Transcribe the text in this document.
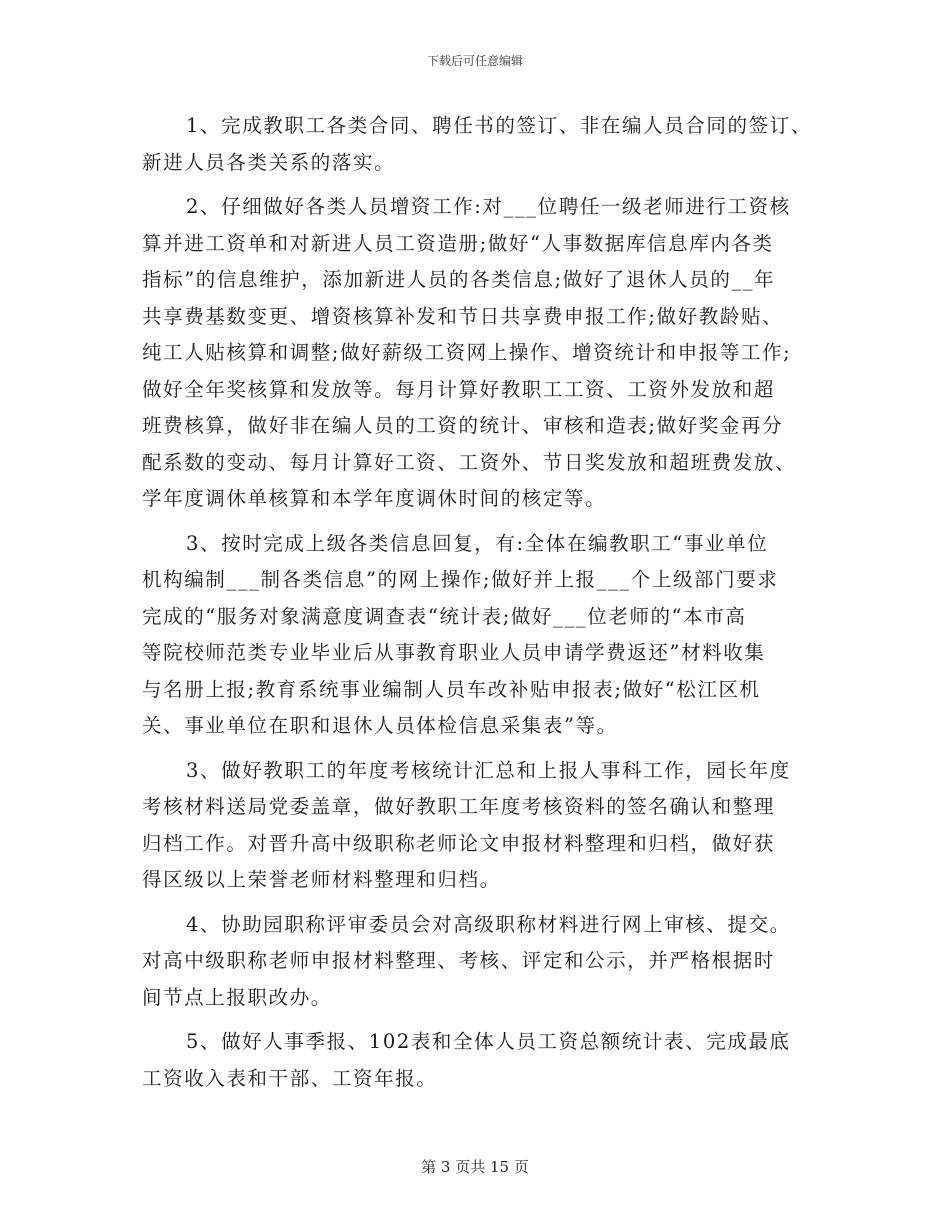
下载后可任意编辑
1、完成教职工各类合同、聘任书的签订、非在编人员合同的签订、
新进人员各类关系的落实。
2、仔细做好各类人员增资工作:对___位聘任一级老师进行工资核
算并进工资单和对新进人员工资造册;做好“人事数据库信息库内各类
指标”的信息维护，添加新进人员的各类信息;做好了退休人员的__年
共享费基数变更、增资核算补发和节日共享费申报工作;做好教龄贴、
纯工人贴核算和调整;做好薪级工资网上操作、增资统计和申报等工作;
做好全年奖核算和发放等。每月计算好教职工工资、工资外发放和超
班费核算，做好非在编人员的工资的统计、审核和造表;做好奖金再分
配系数的变动、每月计算好工资、工资外、节日奖发放和超班费发放、
学年度调休单核算和本学年度调休时间的核定等。
3、按时完成上级各类信息回复，有:全体在编教职工“事业单位
机构编制___制各类信息”的网上操作;做好并上报___个上级部门要求
完成的“服务对象满意度调查表“统计表;做好___位老师的“本市高
等院校师范类专业毕业后从事教育职业人员申请学费返还”材料收集
与名册上报;教育系统事业编制人员车改补贴申报表;做好“松江区机
关、事业单位在职和退休人员体检信息采集表”等。
3、做好教职工的年度考核统计汇总和上报人事科工作，园长年度
考核材料送局党委盖章，做好教职工年度考核资料的签名确认和整理
归档工作。对晋升高中级职称老师论文申报材料整理和归档，做好获
得区级以上荣誉老师材料整理和归档。
4、协助园职称评审委员会对高级职称材料进行网上审核、提交。
对高中级职称老师申报材料整理、考核、评定和公示，并严格根据时
间节点上报职改办。
5、做好人事季报、102表和全体人员工资总额统计表、完成最底
工资收入表和干部、工资年报。
第 3 页共 15 页
